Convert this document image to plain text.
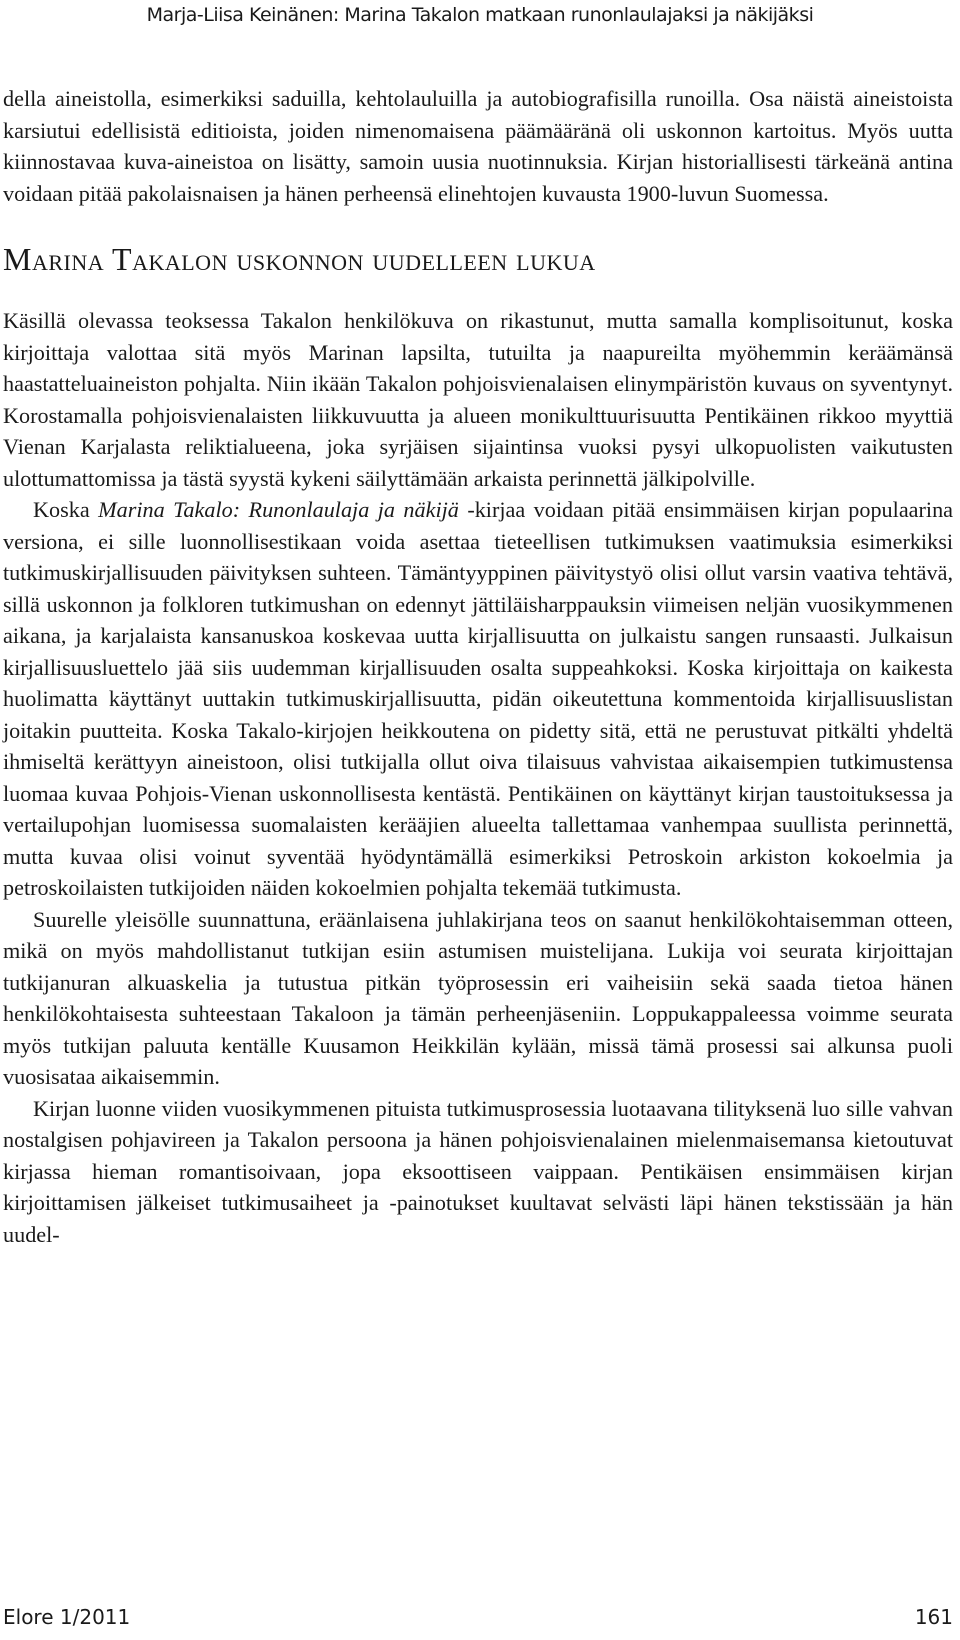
Marja-Liisa Keinänen: Marina Takalon matkaan runonlaulajaksi ja näkijäksi

della aineistolla, esimerkiksi saduilla, kehtolauluilla ja autobiografisilla runoilla. Osa näistä aineistoista karsiutui edellisistä editioista, joiden nimenomaisena päämääränä oli uskonnon kartoitus. Myös uutta kiinnostavaa kuva-aineistoa on lisätty, samoin uusia nuotinnuksia. Kirjan historiallisesti tärkeänä antina voidaan pitää pakolaisnaisen ja hänen perheensä elinehtojen kuvausta 1900-luvun Suomessa.

Marina Takalon uskonnon uudelleen lukua

Käsillä olevassa teoksessa Takalon henkilökuva on rikastunut, mutta samalla komplisoitunut, koska kirjoittaja valottaa sitä myös Marinan lapsilta, tutuilta ja naapureilta myöhemmin keräämänsä haastatteluaineiston pohjalta. Niin ikään Takalon pohjoisvienalaisen elinympäristön kuvaus on syventynyt. Korostamalla pohjoisvienalaisten liikkuvuutta ja alueen monikulttuurisuutta Pentikäinen rikkoo myyttiä Vienan Karjalasta reliktialueena, joka syrjäisen sijaintinsa vuoksi pysyi ulkopuolisten vaikutusten ulottumattomissa ja tästä syystä kykeni säilyttämään arkaista perinnettä jälkipolville.

Koska Marina Takalo: Runonlaulaja ja näkijä -kirjaa voidaan pitää ensimmäisen kirjan populaarina versiona, ei sille luonnollisestikaan voida asettaa tieteellisen tutkimuksen vaatimuksia esimerkiksi tutkimuskirjallisuuden päivityksen suhteen. Tämäntyyppinen päivitystyö olisi ollut varsin vaativa tehtävä, sillä uskonnon ja folkloren tutkimushan on edennyt jättiläisharppauksin viimeisen neljän vuosikymmenen aikana, ja karjalaista kansanuskoa koskevaa uutta kirjallisuutta on julkaistu sangen runsaasti. Julkaisun kirjallisuusluettelo jää siis uudemman kirjallisuuden osalta suppeahkoksi. Koska kirjoittaja on kaikesta huolimatta käyttänyt uuttakin tutkimuskirjallisuutta, pidän oikeutettuna kommentoida kirjallisuuslistan joitakin puutteita. Koska Takalo-kirjojen heikkoutena on pidetty sitä, että ne perustuvat pitkälti yhdeltä ihmiseltä kerättyyn aineistoon, olisi tutkijalla ollut oiva tilaisuus vahvistaa aikaisempien tutkimustensa luomaa kuvaa Pohjois-Vienan uskonnollisesta kentästä. Pentikäinen on käyttänyt kirjan taustoituksessa ja vertailupohjan luomisessa suomalaisten kerääjien alueelta tallettamaa vanhempaa suullista perinnettä, mutta kuvaa olisi voinut syventää hyödyntämällä esimerkiksi Petroskoin arkiston kokoelmia ja petroskoilaisten tutkijoiden näiden kokoelmien pohjalta tekemää tutkimusta.

Suurelle yleisölle suunnattuna, eräänlaisena juhlakirjana teos on saanut henkilökohtaisemman otteen, mikä on myös mahdollistanut tutkijan esiin astumisen muistelijana. Lukija voi seurata kirjoittajan tutkijanuran alkuaskelia ja tutustua pitkän työprosessin eri vaiheisiin sekä saada tietoa hänen henkilökohtaisesta suhteestaan Takaloon ja tämän perheenjäseniin. Loppukappaleessa voimme seurata myös tutkijan paluuta kentälle Kuusamon Heikkilän kylään, missä tämä prosessi sai alkunsa puoli vuosisataa aikaisemmin.

Kirjan luonne viiden vuosikymmenen pituista tutkimusprosessia luotaavana tilityksenä luo sille vahvan nostalgisen pohjavireen ja Takalon persoona ja hänen pohjoisvienalainen mielenmaisemansa kietoutuvat kirjassa hieman romantisoivaan, jopa eksoottiseen vaippaan. Pentikäisen ensimmäisen kirjan kirjoittamisen jälkeiset tutkimusaiheet ja -painotukset kuultavat selvästi läpi hänen tekstissään ja hän uudel-

Elore 1/2011	161
